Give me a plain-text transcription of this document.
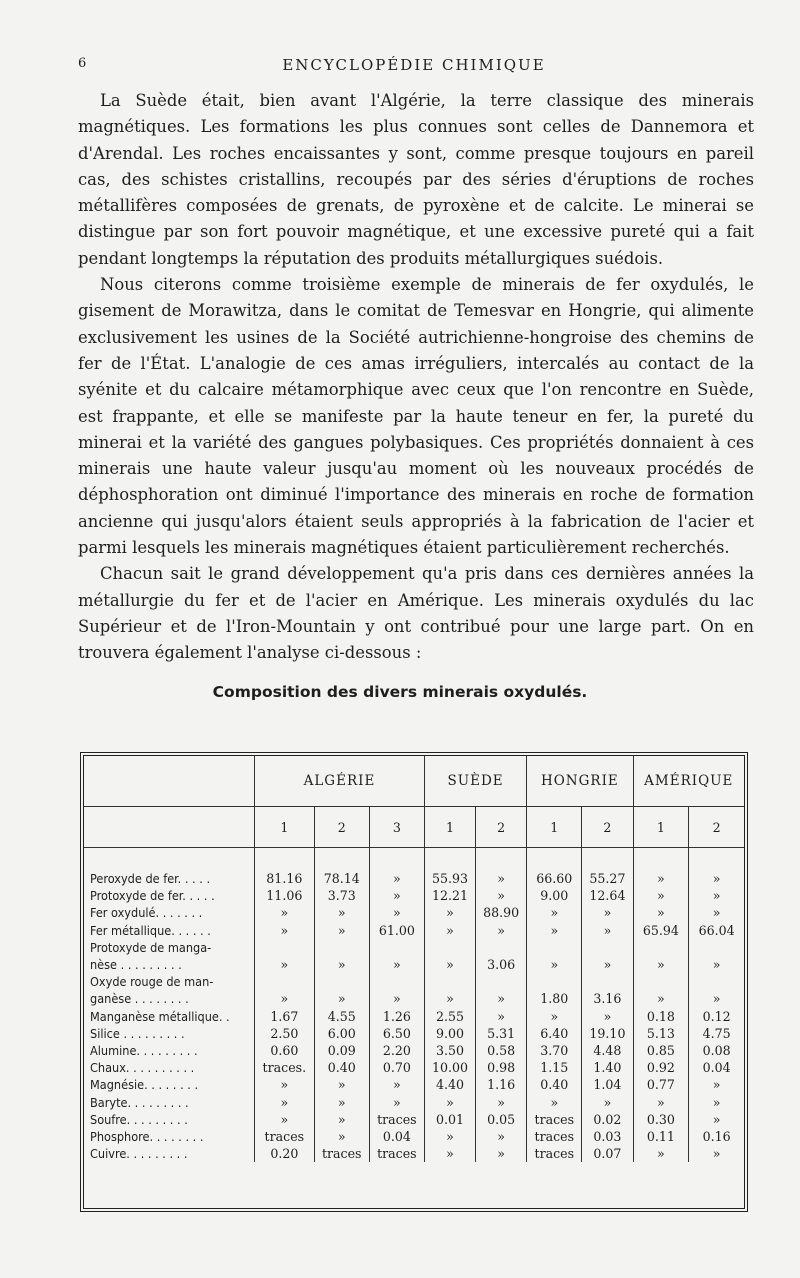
6	ENCYCLOPÉDIE CHIMIQUE

La Suède était, bien avant l'Algérie, la terre classique des minerais magnétiques. Les formations les plus connues sont celles de Dannemora et d'Arendal. Les roches encaissantes y sont, comme presque toujours en pareil cas, des schistes cristallins, recoupés par des séries d'éruptions de roches métallifères composées de grenats, de pyroxène et de calcite. Le minerai se distingue par son fort pouvoir magnétique, et une excessive pureté qui a fait pendant longtemps la réputation des produits métallurgiques suédois.

Nous citerons comme troisième exemple de minerais de fer oxydulés, le gisement de Morawitza, dans le comitat de Temesvar en Hongrie, qui alimente exclusivement les usines de la Société autrichienne-hongroise des chemins de fer de l'État. L'analogie de ces amas irréguliers, intercalés au contact de la syénite et du calcaire métamorphique avec ceux que l'on rencontre en Suède, est frappante, et elle se manifeste par la haute teneur en fer, la pureté du minerai et la variété des gangues polybasiques. Ces propriétés donnaient à ces minerais une haute valeur jusqu'au moment où les nouveaux procédés de déphosphoration ont diminué l'importance des minerais en roche de formation ancienne qui jusqu'alors étaient seuls appropriés à la fabrication de l'acier et parmi lesquels les minerais magnétiques étaient particulièrement recherchés.

Chacun sait le grand développement qu'a pris dans ces dernières années la métallurgie du fer et de l'acier en Amérique. Les minerais oxydulés du lac Supérieur et de l'Iron-Mountain y ont contribué pour une large part. On en trouvera également l'analyse ci-dessous :

Composition des divers minerais oxydulés.
	ALGÉRIE			SUÈDE		HONGRIE		AMÉRIQUE	
	1	2	3	1	2	1	2	1	2

Peroxyde de fer. . . . .	81.16	78.14	»	55.93	»	66.60	55.27	»	»
Protoxyde de fer. . . . .	11.06	3.73	»	12.21	»	9.00	12.64	»	»
Fer oxydulé. . . . . . .	»	»	»	»	88.90	»	»	»	»
Fer métallique. . . . . .	»	»	61.00	»	»	»	»	65.94	66.04
Protoxyde de manga-									
nèse . . . . . . . . .	»	»	»	»	3.06	»	»	»	»
Oxyde rouge de man-									
ganèse . . . . . . . .	»	»	»	»	»	1.80	3.16	»	»
Manganèse métallique. .	1.67	4.55	1.26	2.55	»	»	»	0.18	0.12
Silice . . . . . . . . .	2.50	6.00	6.50	9.00	5.31	6.40	19.10	5.13	4.75
Alumine. . . . . . . . .	0.60	0.09	2.20	3.50	0.58	3.70	4.48	0.85	0.08
Chaux. . . . . . . . . .	traces.	0.40	0.70	10.00	0.98	1.15	1.40	0.92	0.04
Magnésie. . . . . . . .	»	»	»	4.40	1.16	0.40	1.04	0.77	»
Baryte. . . . . . . . .	»	»	»	»	»	»	»	»	»
Soufre. . . . . . . . .	»	»	traces	0.01	0.05	traces	0.02	0.30	»
Phosphore. . . . . . . .	traces	»	0.04	»	»	traces	0.03	0.11	0.16
Cuivre. . . . . . . . .	0.20	traces	traces	»	»	traces	0.07	»	»
